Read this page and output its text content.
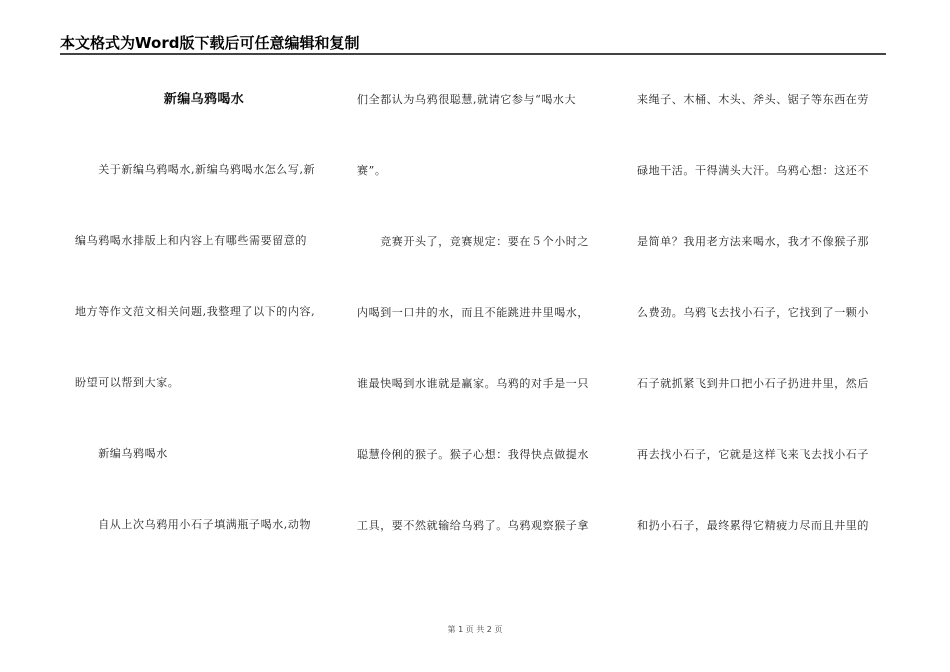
本文格式为Word版下载后可任意编辑和复制

新编乌鸦喝水

　　关于新编乌鸦喝水,新编乌鸦喝水怎么写,新

编乌鸦喝水排版上和内容上有哪些需要留意的

地方等作文范文相关问题,我整理了以下的内容,

盼望可以帮到大家。

　　新编乌鸦喝水

　　自从上次乌鸦用小石子填满瓶子喝水,动物

们全都认为乌鸦很聪慧,就请它参与“喝水大

赛”。

　　竞赛开头了，竞赛规定：要在５个小时之

内喝到一口井的水，而且不能跳进井里喝水，

谁最快喝到水谁就是赢家。乌鸦的对手是一只

聪慧伶俐的猴子。猴子心想：我得快点做提水

工具，要不然就输给乌鸦了。乌鸦观察猴子拿

来绳子、木桶、木头、斧头、锯子等东西在劳

碌地干活。干得满头大汗。乌鸦心想：这还不

是简单？我用老方法来喝水，我才不像猴子那

么费劲。乌鸦飞去找小石子，它找到了一颗小

石子就抓紧飞到井口把小石子扔进井里，然后

再去找小石子，它就是这样飞来飞去找小石子

和扔小石子，最终累得它精疲力尽而且井里的

第 1 页 共 2 页
